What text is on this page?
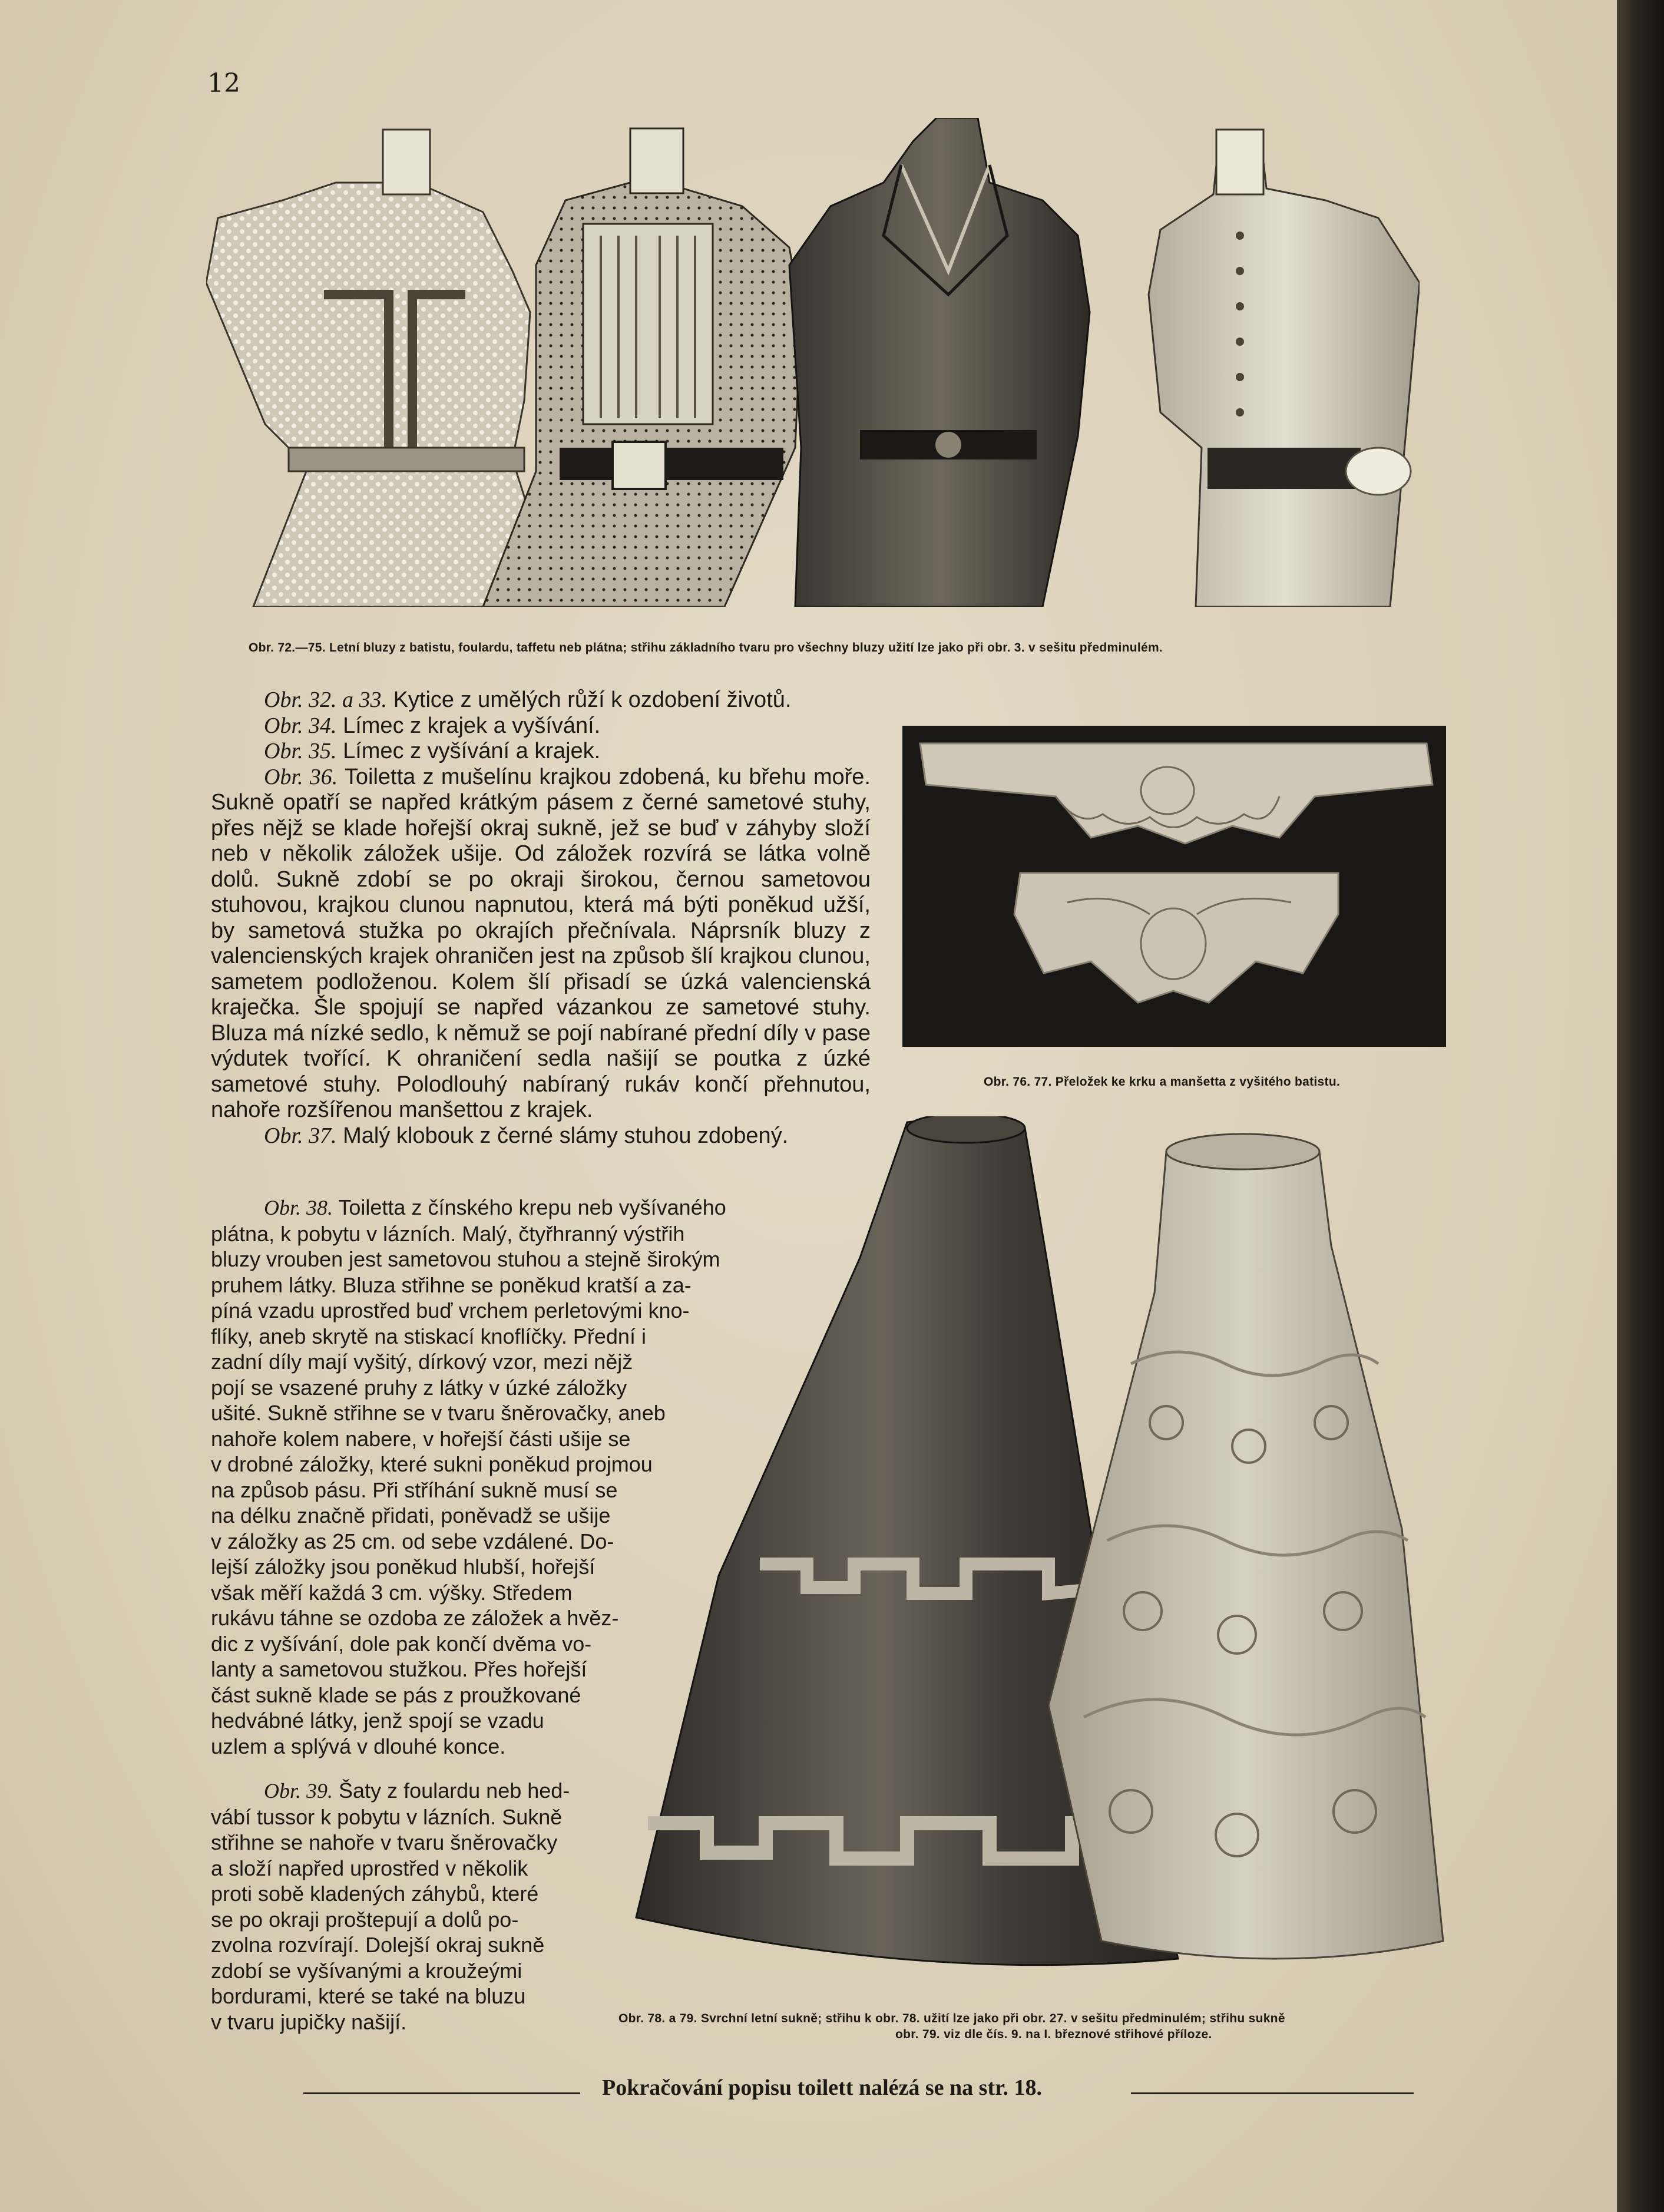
12
Obr. 72.—75. Letní bluzy z batistu, foulardu, taffetu neb plátna; střihu základního tvaru pro všechny bluzy užití lze jako při obr. 3. v sešitu předminulém.
Obr. 76. 77. Přeložek ke krku a manšetta z vyšitého batistu.
Obr. 78. a 79. Svrchní letní sukně; střihu k obr. 78. užití lze jako při obr. 27. v sešitu předminulém; střihu sukně
obr. 79. viz dle čís. 9. na I. březnové střihové příloze.

Obr. 32. a 33. Kytice z umělých růží k ozdobení životů.

Obr. 34. Límec z krajek a vyšívání.

Obr. 35. Límec z vyšívání a krajek.

Obr. 36. Toiletta z mušelínu krajkou zdobená, ku břehu moře. Sukně opatří se napřed krátkým pásem z černé sametové stuhy, přes nějž se klade hořejší okraj sukně, jež se buď v záhyby složí neb v několik záložek ušije. Od záložek rozvírá se látka volně dolů. Sukně zdobí se po okraji širokou, černou sametovou stuhovou, krajkou clunou napnutou, která má býti poněkud užší, by sametová stužka po okrajích přečnívala. Náprsník bluzy z valencienských krajek ohraničen jest na způsob šlí krajkou clunou, sametem podloženou. Kolem šlí přisadí se úzká valencienská kraječka. Šle spojují se napřed vázankou ze sametové stuhy. Bluza má nízké sedlo, k němuž se pojí nabírané přední díly v pase výdutek tvořící. K ohraničení sedla našijí se poutka z úzké sametové stuhy. Polodlouhý nabíraný rukáv končí přehnutou, nahoře rozšířenou manšettou z krajek.

Obr. 37. Malý klobouk z černé slámy stuhou zdobený.

Obr. 38. Toiletta z čínského krepu neb vyšívaného
plátna, k pobytu v lázních. Malý, čtyřhranný výstřih
bluzy vrouben jest sametovou stuhou a stejně širokým
pruhem látky. Bluza střihne se poněkud kratší a za-
píná vzadu uprostřed buď vrchem perletovými kno-
flíky, aneb skrytě na stiskací knoflíčky. Přední i
zadní díly mají vyšitý, dírkový vzor, mezi nějž
pojí se vsazené pruhy z látky v úzké záložky
ušité. Sukně střihne se v tvaru šněrovačky, aneb
nahoře kolem nabere, v hořejší části ušije se
v drobné záložky, které sukni poněkud projmou
na způsob pásu. Při stříhání sukně musí se
na délku značně přidati, poněvadž se ušije
v záložky as 25 cm. od sebe vzdálené. Do-
lejší záložky jsou poněkud hlubší, hořejší
však měří každá 3 cm. výšky. Středem
rukávu táhne se ozdoba ze záložek a hvěz-
dic z vyšívání, dole pak končí dvěma vo-
lanty a sametovou stužkou. Přes hořejší
část sukně klade se pás z proužkované
hedvábné látky, jenž spojí se vzadu
uzlem a splývá v dlouhé konce.
Obr. 39. Šaty z foulardu neb hed-
vábí tussor k pobytu v lázních. Sukně
střihne se nahoře v tvaru šněrovačky
a složí napřed uprostřed v několik
proti sobě kladených záhybů, které
se po okraji proštepují a dolů po-
zvolna rozvírají. Dolejší okraj sukně
zdobí se vyšívanými a kroužeými
bordurami, které se také na bluzu
v tvaru jupičky našijí.
Pokračování popisu toilett nalézá se na str. 18.
